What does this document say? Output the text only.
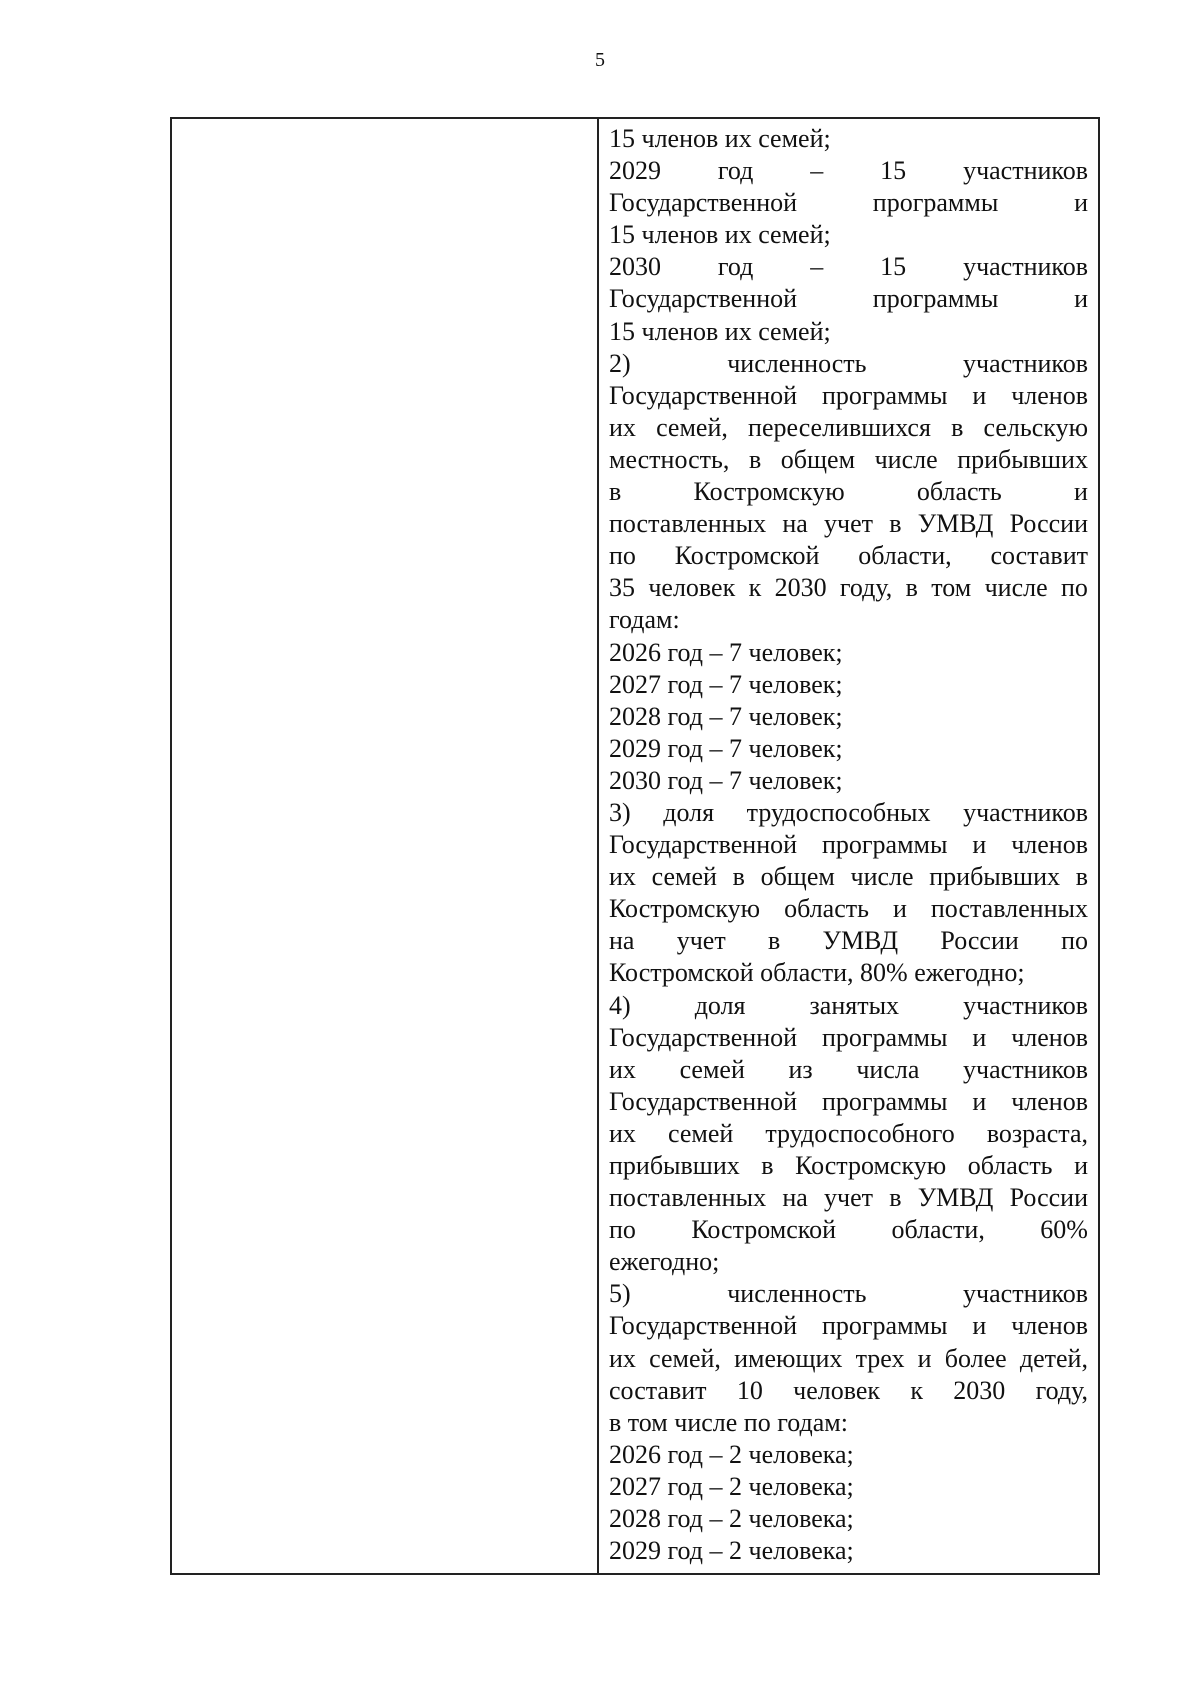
5
15 членов их семей;
2029 год – 15 участников
Государственной	программы	и
15 членов их семей;
2030 год – 15 участников
Государственной	программы	и
15 членов их семей;
2)	численность	участников
Государственной программы и членов
их семей, переселившихся в сельскую
местность, в общем числе прибывших
в	Костромскую	область	и
поставленных на учет в УМВД России
по Костромской области, составит
35 человек к 2030 году, в том числе по
годам:
2026 год – 7 человек;
2027 год – 7 человек;
2028 год – 7 человек;
2029 год – 7 человек;
2030 год – 7 человек;
3) доля трудоспособных участников
Государственной программы и членов
их семей в общем числе прибывших в
Костромскую область и поставленных
на учет в УМВД России по
Костромской области, 80% ежегодно;
4) доля занятых участников
Государственной программы и членов
их семей из числа участников
Государственной программы и членов
их семей трудоспособного возраста,
прибывших в Костромскую область и
поставленных на учет в УМВД России
по Костромской области, 60%
ежегодно;
5)	численность	участников
Государственной программы и членов
их семей, имеющих трех и более детей,
составит 10 человек к 2030 году,
в том числе по годам:
2026 год – 2 человека;
2027 год – 2 человека;
2028 год – 2 человека;
2029 год – 2 человека;
